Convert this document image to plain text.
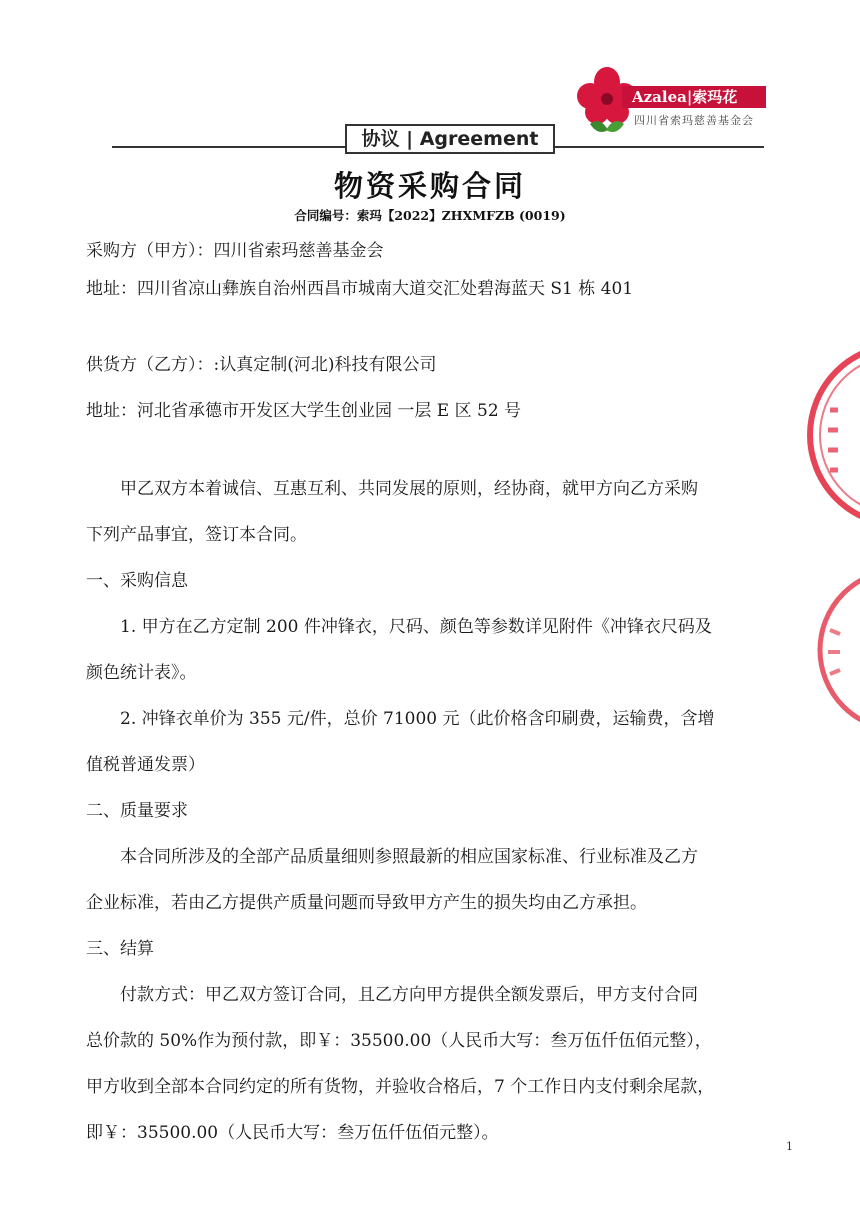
Azalea|索玛花
四川省索玛慈善基金会
协议 | Agreement
物资采购合同
合同编号：索玛【2022】ZHXMFZB (0019)
采购方（甲方）：四川省索玛慈善基金会
地址：四川省凉山彝族自治州西昌市城南大道交汇处碧海蓝天 S1 栋 401
供货方（乙方）：:认真定制(河北)科技有限公司
地址：河北省承德市开发区大学生创业园 一层 E 区 52 号

甲乙双方本着诚信、互惠互利、共同发展的原则，经协商，就甲方向乙方采购

下列产品事宜，签订本合同。

一、采购信息

1. 甲方在乙方定制 200 件冲锋衣，尺码、颜色等参数详见附件《冲锋衣尺码及

颜色统计表》。

2. 冲锋衣单价为 355 元/件，总价 71000 元（此价格含印刷费，运输费，含增

值税普通发票）

二、质量要求

本合同所涉及的全部产品质量细则参照最新的相应国家标准、行业标准及乙方

企业标准，若由乙方提供产质量问题而导致甲方产生的损失均由乙方承担。

三、结算

付款方式：甲乙双方签订合同，且乙方向甲方提供全额发票后，甲方支付合同

总价款的 50%作为预付款，即￥：35500.00（人民币大写：叁万伍仟伍佰元整），

甲方收到全部本合同约定的所有货物，并验收合格后，7 个工作日内支付剩余尾款，

即￥：35500.00（人民币大写：叁万伍仟伍佰元整）。

1
